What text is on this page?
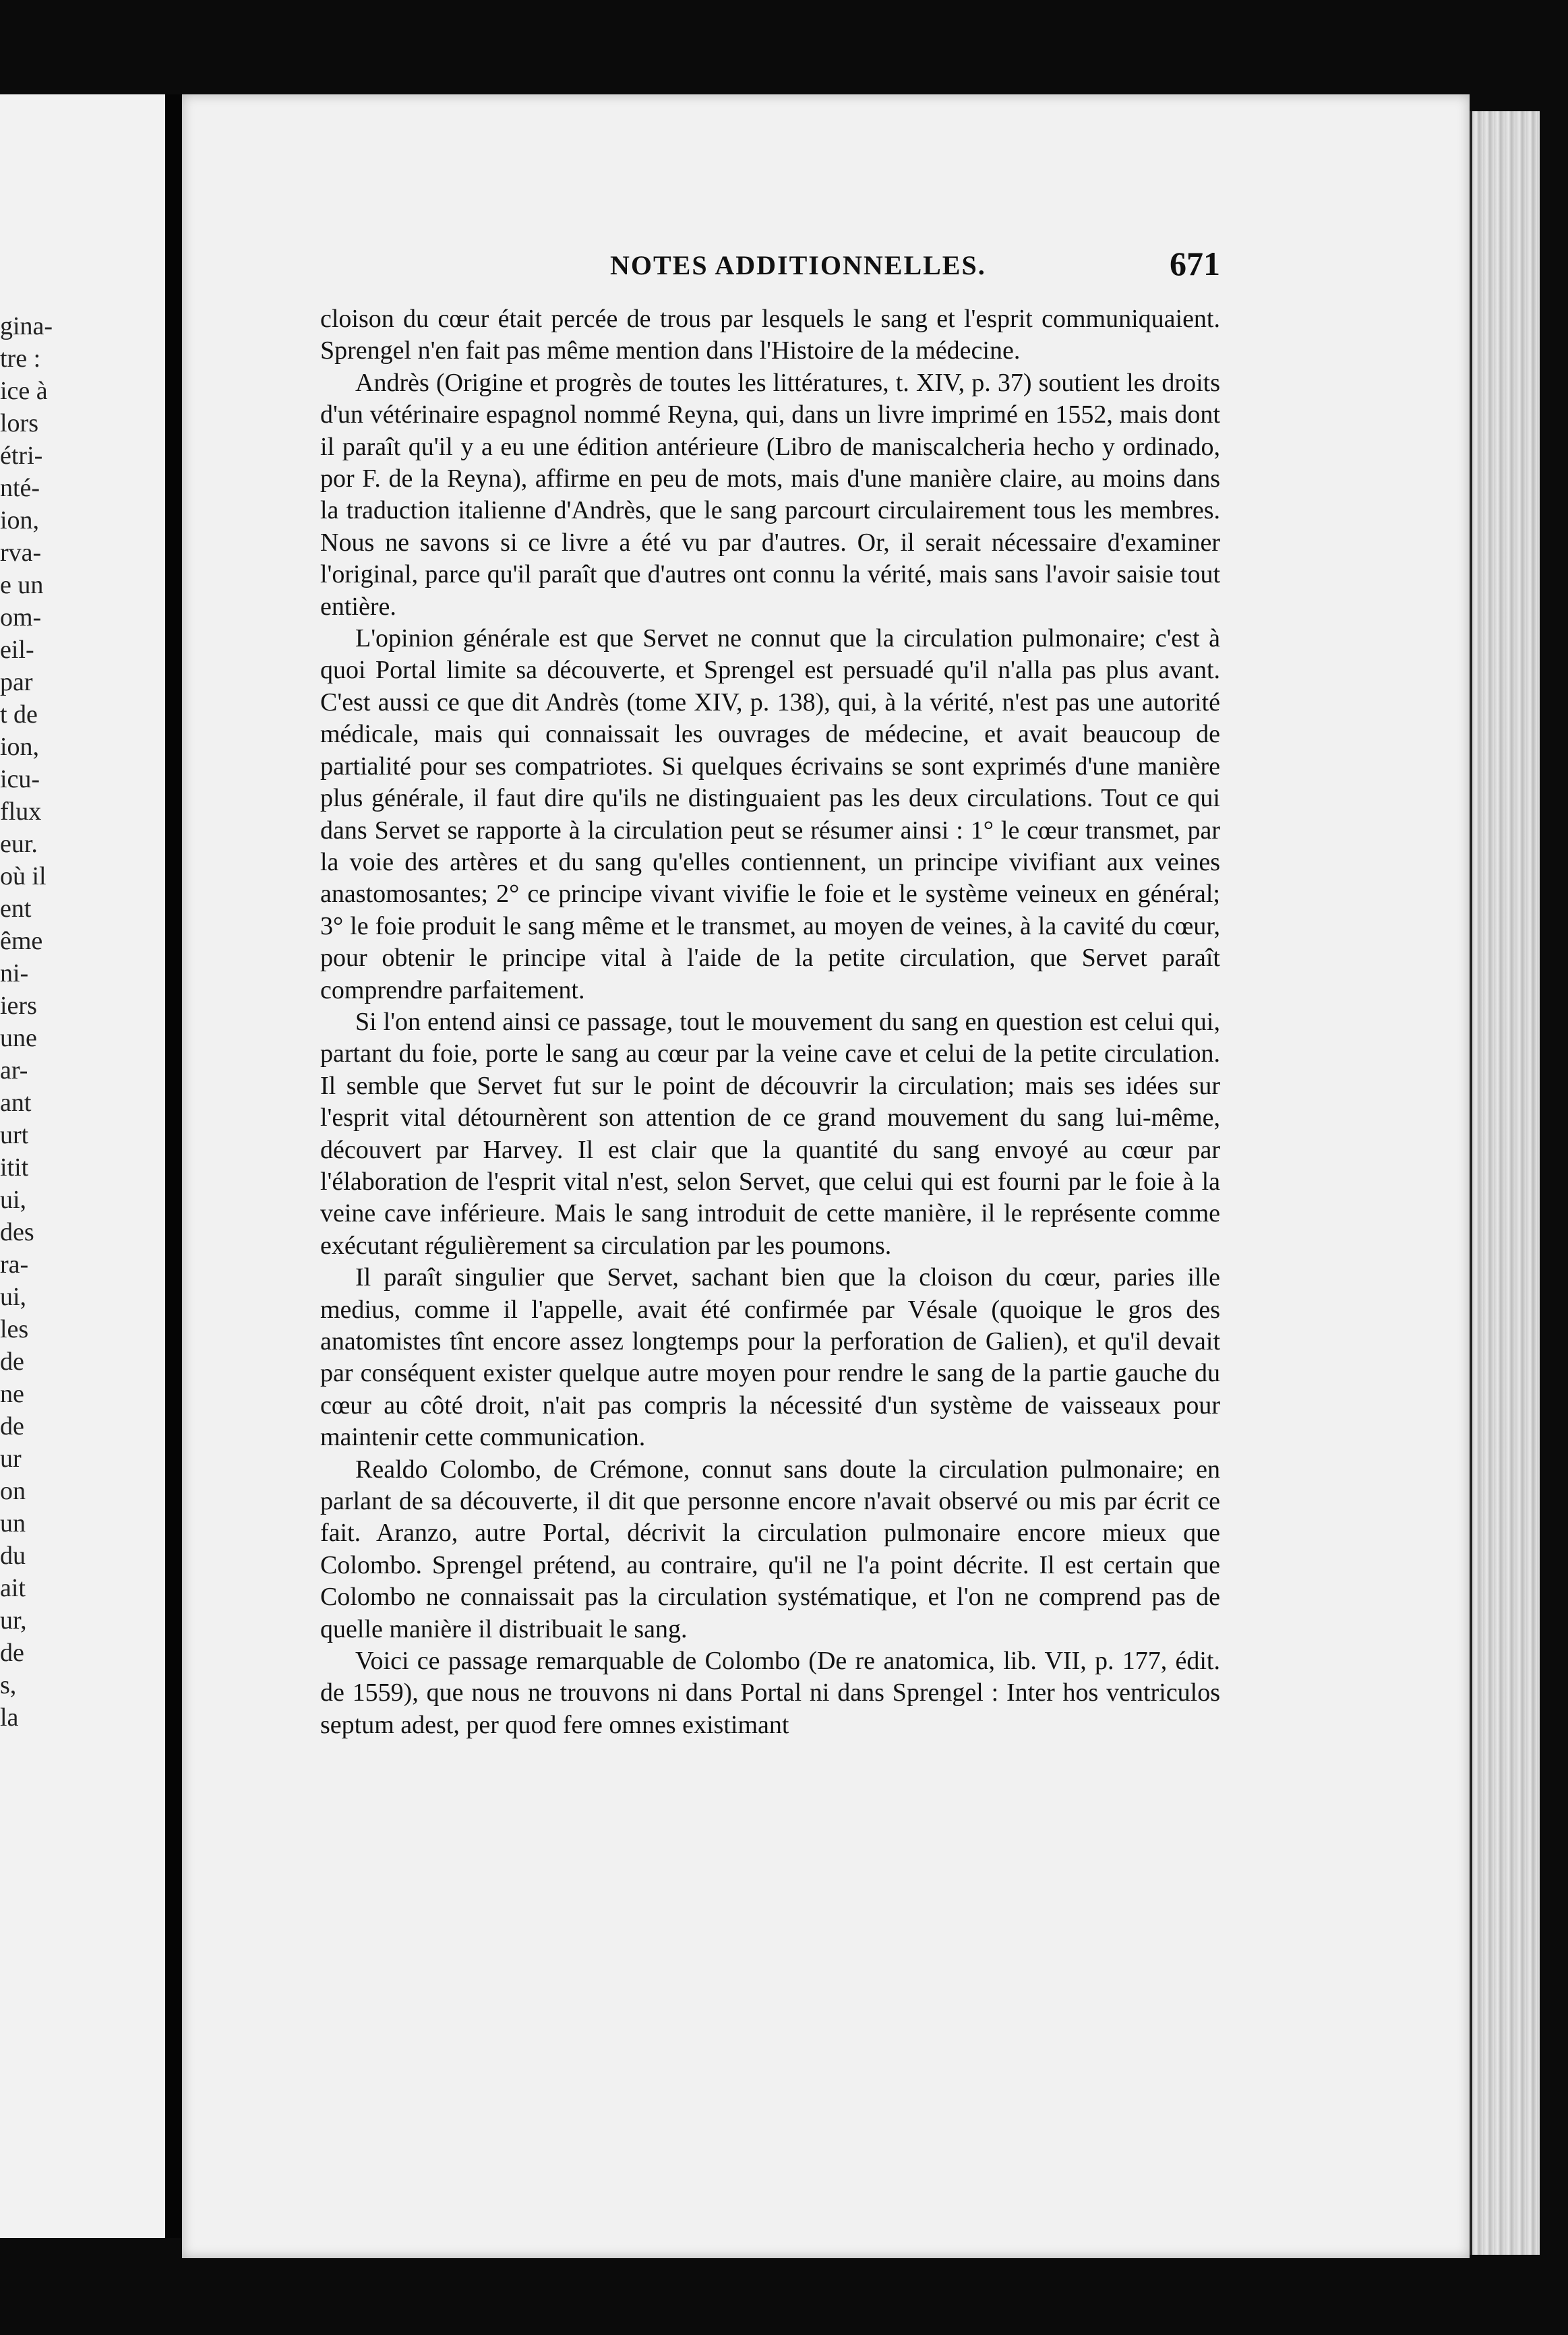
gina-
tre :
ice à
lors
étri-
nté-
ion,
rva-
e un
om-
eil-
par
t de
ion,
icu-
flux
eur.
où il
ent
ême
ni-
iers
une
ar-
ant
urt
itit
ui,
des
ra-
ui,
les
de
ne
de
ur
on
un
du
ait
ur,
de
s,
la
NOTES ADDITIONNELLES.	671

cloison du cœur était percée de trous par lesquels le sang et l'esprit communiquaient. Sprengel n'en fait pas même mention dans l'Histoire de la médecine.

Andrès (Origine et progrès de toutes les littératures, t. XIV, p. 37) soutient les droits d'un vétérinaire espagnol nommé Reyna, qui, dans un livre imprimé en 1552, mais dont il paraît qu'il y a eu une édition antérieure (Libro de maniscalcheria hecho y ordinado, por F. de la Reyna), affirme en peu de mots, mais d'une manière claire, au moins dans la traduction italienne d'Andrès, que le sang parcourt circulairement tous les membres. Nous ne savons si ce livre a été vu par d'autres. Or, il serait nécessaire d'examiner l'original, parce qu'il paraît que d'autres ont connu la vérité, mais sans l'avoir saisie tout entière.

L'opinion générale est que Servet ne connut que la circulation pulmonaire; c'est à quoi Portal limite sa découverte, et Sprengel est persuadé qu'il n'alla pas plus avant. C'est aussi ce que dit Andrès (tome XIV, p. 138), qui, à la vérité, n'est pas une autorité médicale, mais qui connaissait les ouvrages de médecine, et avait beaucoup de partialité pour ses compatriotes. Si quelques écrivains se sont exprimés d'une manière plus générale, il faut dire qu'ils ne distinguaient pas les deux circulations. Tout ce qui dans Servet se rapporte à la circulation peut se résumer ainsi : 1° le cœur transmet, par la voie des artères et du sang qu'elles contiennent, un principe vivifiant aux veines anastomosantes; 2° ce principe vivant vivifie le foie et le système veineux en général; 3° le foie produit le sang même et le transmet, au moyen de veines, à la cavité du cœur, pour obtenir le principe vital à l'aide de la petite circulation, que Servet paraît comprendre parfaitement.

Si l'on entend ainsi ce passage, tout le mouvement du sang en question est celui qui, partant du foie, porte le sang au cœur par la veine cave et celui de la petite circulation. Il semble que Servet fut sur le point de découvrir la circulation; mais ses idées sur l'esprit vital détournèrent son attention de ce grand mouvement du sang lui-même, découvert par Harvey. Il est clair que la quantité du sang envoyé au cœur par l'élaboration de l'esprit vital n'est, selon Servet, que celui qui est fourni par le foie à la veine cave inférieure. Mais le sang introduit de cette manière, il le représente comme exécutant régulièrement sa circulation par les poumons.

Il paraît singulier que Servet, sachant bien que la cloison du cœur, paries ille medius, comme il l'appelle, avait été confirmée par Vésale (quoique le gros des anatomistes tînt encore assez longtemps pour la perforation de Galien), et qu'il devait par conséquent exister quelque autre moyen pour rendre le sang de la partie gauche du cœur au côté droit, n'ait pas compris la nécessité d'un système de vaisseaux pour maintenir cette communication.

Realdo Colombo, de Crémone, connut sans doute la circulation pulmonaire; en parlant de sa découverte, il dit que personne encore n'avait observé ou mis par écrit ce fait. Aranzo, autre Portal, décrivit la circulation pulmonaire encore mieux que Colombo. Sprengel prétend, au contraire, qu'il ne l'a point décrite. Il est certain que Colombo ne connaissait pas la circulation systématique, et l'on ne comprend pas de quelle manière il distribuait le sang.

Voici ce passage remarquable de Colombo (De re anatomica, lib. VII, p. 177, édit. de 1559), que nous ne trouvons ni dans Portal ni dans Sprengel : Inter hos ventriculos septum adest, per quod fere omnes existimant
